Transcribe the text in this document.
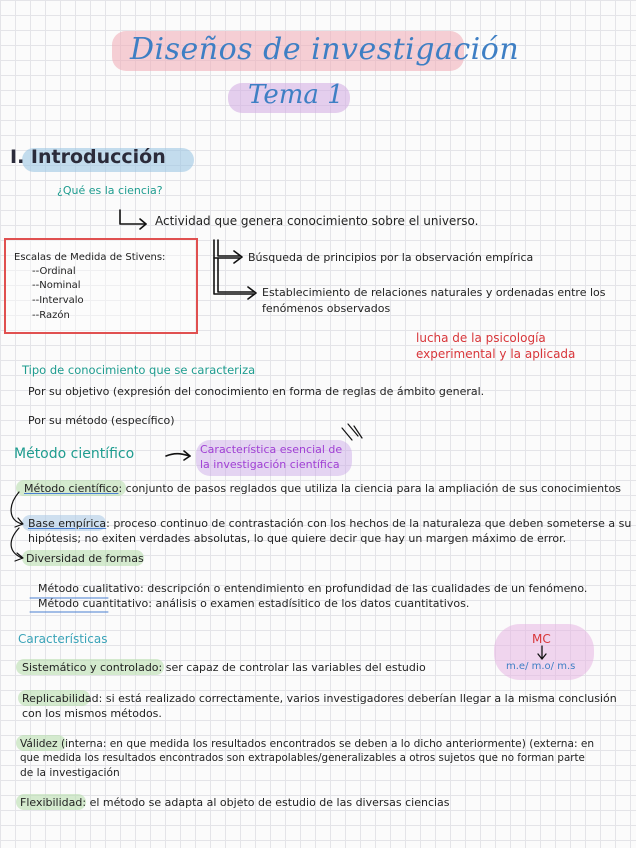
Diseños de investigación
Tema 1
I. Introducción
¿Qué es la ciencia?
Actividad que genera conocimiento sobre el universo.
Escalas de Medida de Stivens:
--Ordinal
--Nominal
--Intervalo
--Razón
Búsqueda de principios por la observación empírica
Establecimiento de relaciones naturales y ordenadas entre los
fenómenos observados
lucha de la psicología
experimental y la aplicada
Tipo de conocimiento que se caracteriza
Por su objetivo (expresión del conocimiento en forma de reglas de ámbito general.
Por su método (específico)
Método científico	Característica esencial de
la investigación científica
Método científico: conjunto de pasos reglados que utiliza la ciencia para la ampliación de sus conocimientos
Base empírica: proceso continuo de contrastación con los hechos de la naturaleza que deben someterse a su
hipótesis; no exiten verdades absolutas, lo que quiere decir que hay un margen máximo de error.
Diversidad de formas
Método cualitativo: descripción o entendimiento en profundidad de las cualidades de un fenómeno.
Método cuantitativo: análisis o examen estadísitico de los datos cuantitativos.
Características	MC
m.e/ m.o/ m.s
Sistemático y controlado: ser capaz de controlar las variables del estudio
Replicabilidad: si está realizado correctamente, varios investigadores deberían llegar a la misma conclusión
con los mismos métodos.
Válidez (interna: en que medida los resultados encontrados se deben a lo dicho anteriormente) (externa: en
que medida los resultados encontrados son extrapolables/generalizables a otros sujetos que no forman parte
de la investigación
Flexibilidad: el método se adapta al objeto de estudio de las diversas ciencias
